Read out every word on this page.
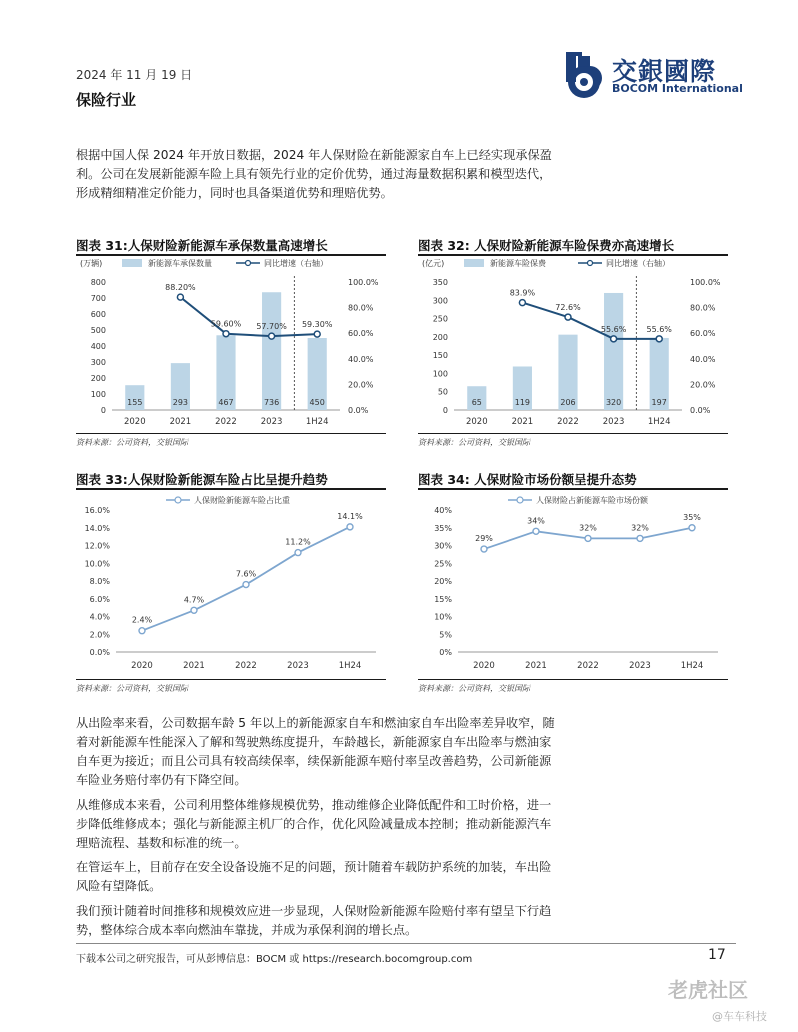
2024 年 11 月 19 日
保险行业
交銀國際
BOCOM International

根据中国人保 2024 年开放日数据，2024 年人保财险在新能源家自车上已经实现承保盈利。公司在发展新能源车险上具有领先行业的定价优势，通过海量数据积累和模型迭代，形成精细精准定价能力，同时也具备渠道优势和理赔优势。

图表 31:人保财险新能源车承保数量高速增长
(万辆)	新能源车承保数量	同比增速（右轴）
0
100
200
300
400
500
600
700
800
0.0%
20.0%
40.0%
60.0%
80.0%
100.0%
155
2020
293
2021
467
2022
736
2023
450
1H24
88.20%
59.60% 57.70% 59.30%
资料来源：公司资料，交银国际
图表 32: 人保财险新能源车险保费亦高速增长
(亿元)	新能源车险保费	同比增速（右轴）
0
50
100
150
200
250
300
350
0.0%
20.0%
40.0%
60.0%
80.0%
100.0%
65
2020
119
2021
206
2022
320
2023
197
1H24
83.9%
72.6%
55.6%	55.6%
资料来源：公司资料，交银国际
图表 33:人保财险新能源车险占比呈提升趋势
人保财险新能源车险占比重
0.0%
2.0%
4.0%
6.0%
8.0%
10.0%
12.0%
14.0%
16.0%
2020	2021	2022	2023	1H24
2.4%
4.7%
7.6%
11.2%
14.1%
资料来源：公司资料，交银国际
图表 34: 人保财险市场份额呈提升态势
人保财险占新能源车险市场份额
0%
5%
10%
15%
20%
25%
30%
35%
40%
2020	2021	2022	2023	1H24
29%
34%
32%	32%
35%
资料来源：公司资料，交银国际

从出险率来看，公司数据车龄 5 年以上的新能源家自车和燃油家自车出险率差异收窄，随着对新能源车性能深入了解和驾驶熟练度提升，车龄越长，新能源家自车出险率与燃油家自车更为接近；而且公司具有较高续保率，续保新能源车赔付率呈改善趋势，公司新能源车险业务赔付率仍有下降空间。

从维修成本来看，公司利用整体维修规模优势，推动维修企业降低配件和工时价格，进一步降低维修成本；强化与新能源主机厂的合作，优化风险减量成本控制；推动新能源汽车理赔流程、基数和标准的统一。

在管运车上，目前存在安全设备设施不足的问题，预计随着车载防护系统的加装，车出险风险有望降低。

我们预计随着时间推移和规模效应进一步显现，人保财险新能源车险赔付率有望呈下行趋势，整体综合成本率向燃油车靠拢，并成为承保利润的增长点。

下载本公司之研究报告，可从彭博信息：BOCM 或 https://research.bocomgroup.com	17
老虎社区
@车车科技
